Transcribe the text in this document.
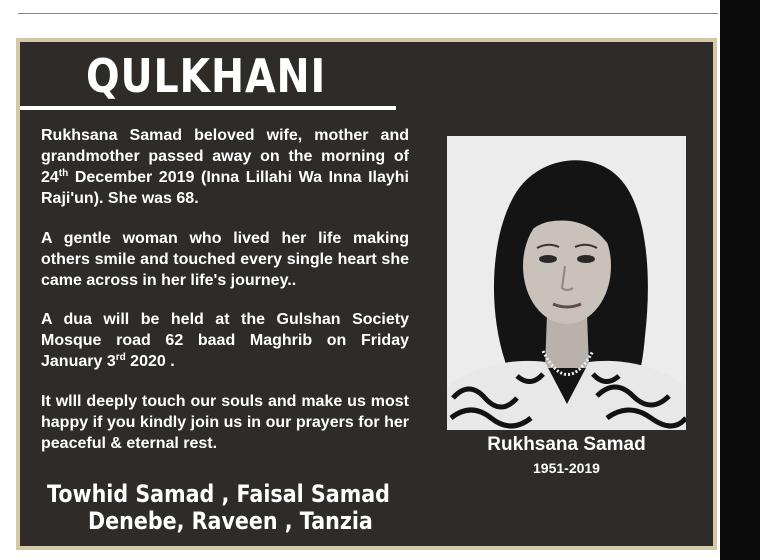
QULKHANI

Rukhsana Samad beloved wife, mother and grandmother passed away on the morning of 24th December 2019 (Inna Lillahi Wa Inna Ilayhi Raji'un). She was 68.

A gentle woman who lived her life making others smile and touched every single heart she came across in her life's journey..

A dua will be held at the Gulshan Society Mosque road 62 baad Maghrib on Friday January 3rd 2020 .

It wlll deeply touch our souls and make us most happy if you kindly join us in our prayers for her peaceful & eternal rest.	Rukhsana Samad
1951-2019
Towhid Samad , Faisal Samad
Denebe, Raveen , Tanzia
